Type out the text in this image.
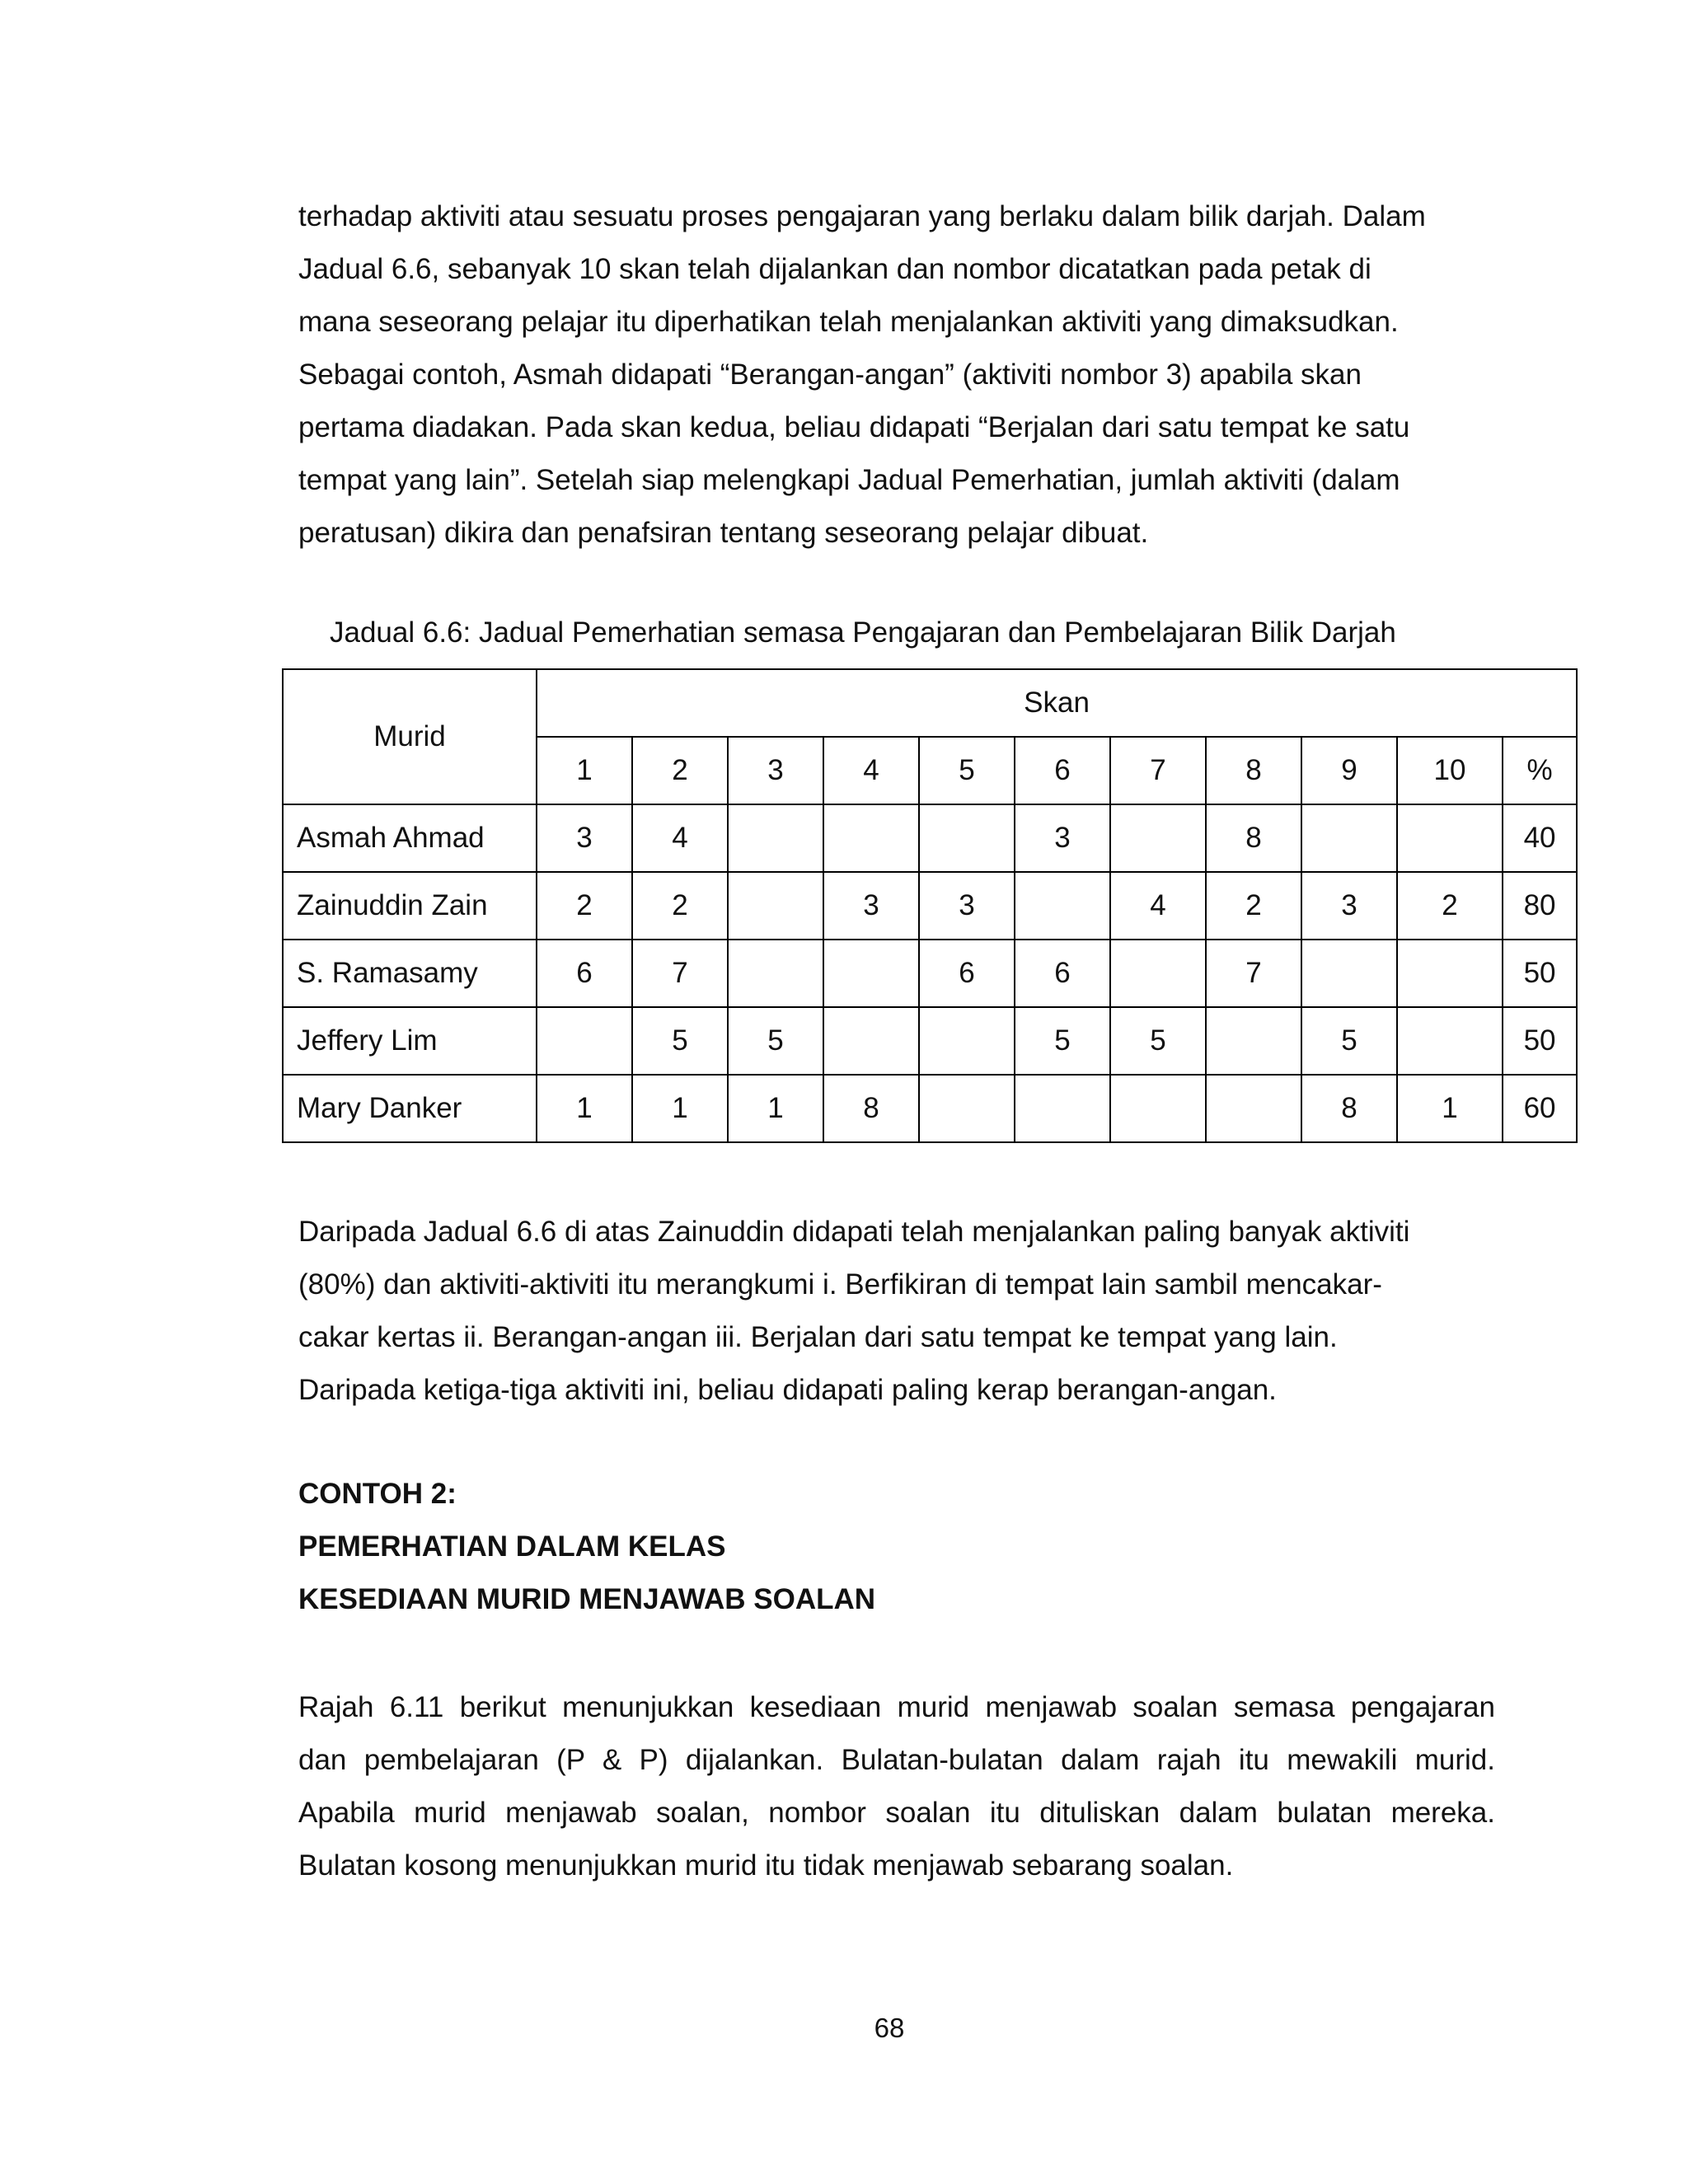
terhadap aktiviti atau sesuatu proses pengajaran yang berlaku dalam bilik darjah. Dalam
Jadual 6.6, sebanyak 10 skan telah dijalankan dan nombor dicatatkan pada petak di
mana seseorang pelajar itu diperhatikan telah menjalankan aktiviti yang dimaksudkan.
Sebagai contoh, Asmah didapati “Berangan-angan” (aktiviti nombor 3) apabila skan
pertama diadakan. Pada skan kedua, beliau didapati “Berjalan dari satu tempat ke satu
tempat yang lain”. Setelah siap melengkapi Jadual Pemerhatian, jumlah aktiviti (dalam
peratusan) dikira dan penafsiran tentang seseorang pelajar dibuat.

Jadual 6.6: Jadual Pemerhatian semasa Pengajaran dan Pembelajaran Bilik Darjah
Murid	Skan										
	1	2	3	4	5	6	7	8	9	10	%
Asmah Ahmad	3	4				3		8			40
Zainuddin Zain	2	2		3	3		4	2	3	2	80
S. Ramasamy	6	7			6	6		7			50
Jeffery Lim		5	5			5	5		5		50
Mary Danker	1	1	1	8					8	1	60

Daripada Jadual 6.6 di atas Zainuddin didapati telah menjalankan paling banyak aktiviti
(80%) dan aktiviti-aktiviti itu merangkumi i. Berfikiran di tempat lain sambil mencakar-
cakar kertas ii. Berangan-angan iii. Berjalan dari satu tempat ke tempat yang lain.
Daripada ketiga-tiga aktiviti ini, beliau didapati paling kerap berangan-angan.

CONTOH 2:
PEMERHATIAN DALAM KELAS
KESEDIAAN MURID MENJAWAB SOALAN

Rajah 6.11 berikut menunjukkan kesediaan murid menjawab soalan semasa pengajaran
dan pembelajaran (P & P) dijalankan. Bulatan-bulatan dalam rajah itu mewakili murid.
Apabila murid menjawab soalan, nombor soalan itu dituliskan dalam bulatan mereka.
Bulatan kosong menunjukkan murid itu tidak menjawab sebarang soalan.

68
